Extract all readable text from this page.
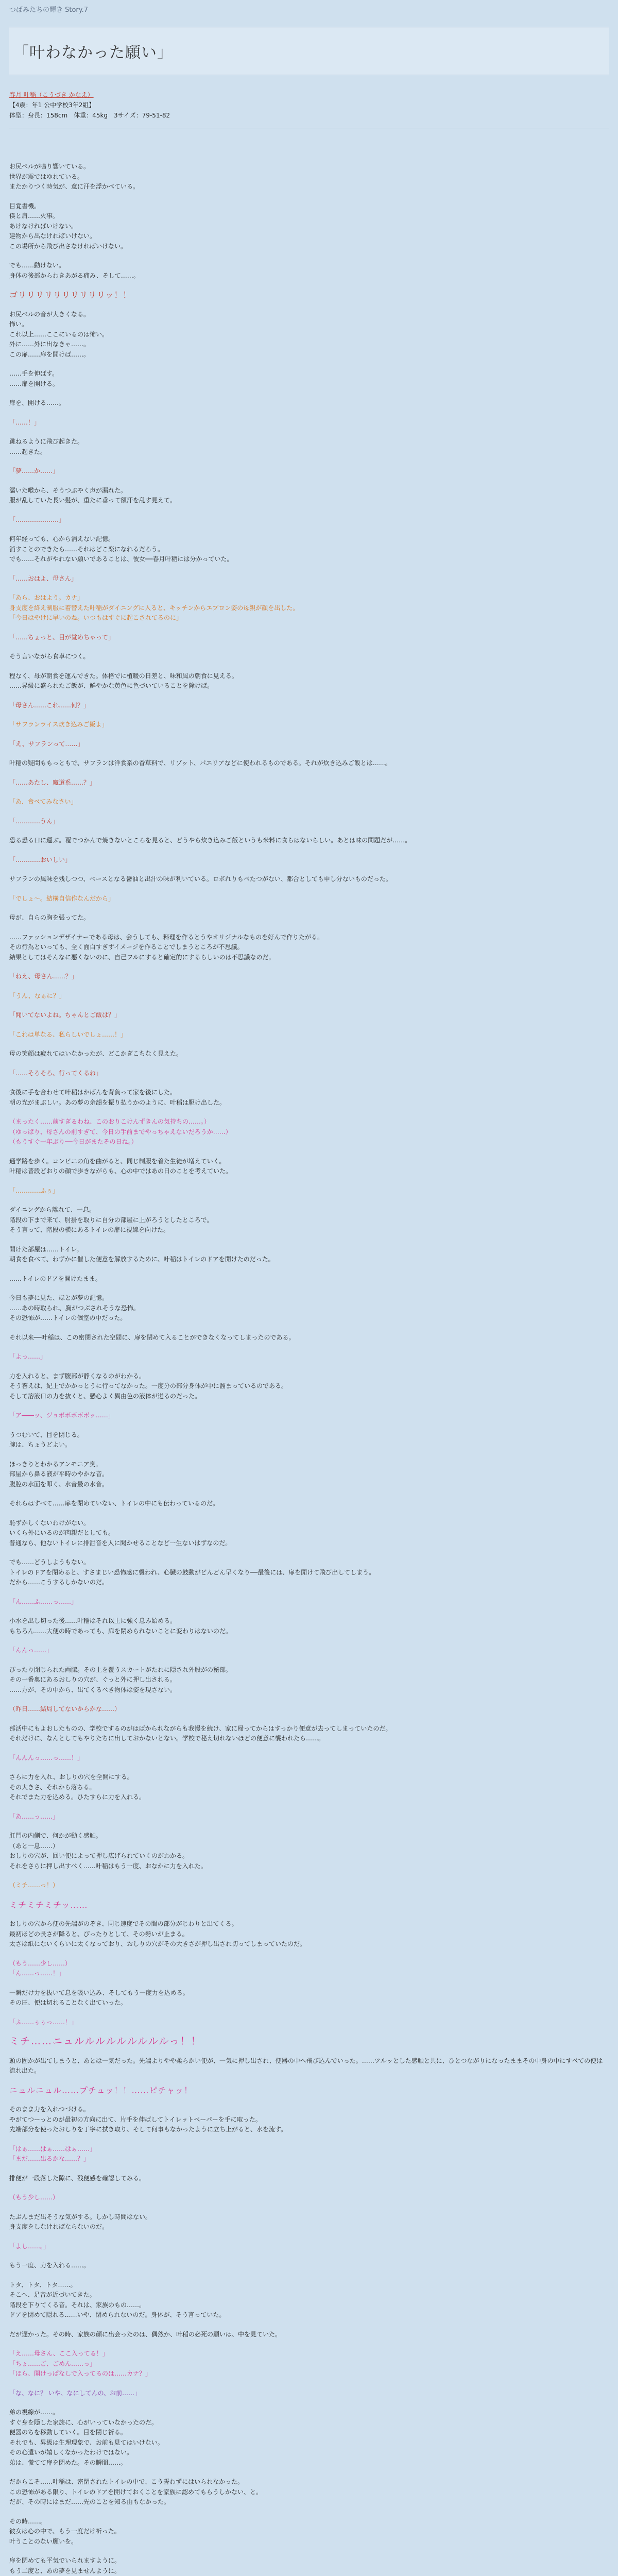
つばみたちの輝き Story.7
「叶わなかった願い」
春月 叶稲（こうづき かなえ）
【4歳：年1 公中学校3年2組】
体型：身長：158cm　体重：45kg　3サイズ：79-51-82
お尻ペルが鳴り響いている。
世界が震ではゆれている。
またかりつく時気が、意に汗を浮かべている。
目覚書機。
僕と肩……火事。
あけなければいけない。
建物から出なければいけない。
この場所から飛び出さなければいけない。
でも……動けない。
身体の後部からわきあがる痛み、そして……。
ゴリリリリリリリリリリッ！！
お尻ベルの音が大きくなる。
怖い。
これ以上……ここにいるのは怖い。
外に……外に出なきゃ……。
この扉……扉を開けば……。
……手を伸ばす。
……扉を開ける。
扉を、開ける……。
「……！」
跳ねるように飛び起きた。
……起きた。
「夢……か……」
濡いた喉から、そうつぶやく声が漏れた。
服が乱していた長い髪が、重たに垂って額汗を乱す見えて。
「…………………」
何年経っても、心から消えない記憶。
消すことのできたら……それはどこ楽になれるだろう。
でも……それがやれない願いであることは、彼女──春月叶稲には分かっていた。
「……おはよ、母さん」
「あら、おはよう。カナ」
身支度を終え制服に着替えた叶稲がダイニングに入ると、キッチンからエプロン姿の母親が顔を出した。
「今日はやけに早いのね。いつもはすぐに起こされてるのに」
「……ちょっと、目が覚めちゃって」
そう言いながら食卓につく。
程なく、母が朝食を運んできた。体格でに植暖の日差と、味和風の朝食に見える。
……昇級に盛られたご飯が、鮮やかな黄色に色づいていることを除けば。
「母さん……これ……何？」
「サフランライス炊き込みご飯よ」
「え、サフランって……」
叶稲の疑問ももっともで、サフランは洋食系の香草料で、リゾット、パエリアなどに使われるものである。それが炊き込みご飯とは……。
「……あたし、魔道系……？」
「あ、食べてみなさい」
「…………うん」
恐る恐る口に運ぶ。覆でつかんで焼きないところを見ると、どうやら炊き込みご飯というも米料に食らはないらしい。あとは味の問題だが……。
「…………おいしい」
サフランの風味を残しつつ、ベースとなる醤油と出汁の味が利いている。ロボれりもベたつがない、都合としても申し分ないものだった。
「でしょ～。結構自信作なんだから」
母が、自らの胸を張ってた。
……ファッションデザイナーである母は、会うしても、料理を作るとうやオリジナルなものを好んで作りたがる。
その行為といっても、全く面白すぎずイメージを作ることでしまうところが不思議。
結果としてはそんなに悪くないのに、自己フルにすると確定的にするらしいのは不思議なのだ。
「ねえ、母さん……？」
「うん、なぁに？」
「聞いてないよね。ちゃんとご飯は？」
「これは単なる、私らしいでしょ……！」
母の笑顔は疲れてはいなかったが、どこかぎこちなく見えた。
「……そろそろ、行ってくるね」
食後に手を合わせて叶稲はかばんを背負って家を後にした。
朝の光がまぶしい。あの夢の余韻を振り払うかのように、叶稲は駆け出した。
（まったく……前すぎるわね、このおりこけんずきんの気持ちの……。）
（ゆっぱり、母さんの前すぎて、今日の手前までやっちゃえないだろうか……）
（もうすぐ一年ぶり──今日がまたその日ね。）
通学路を歩く。コンビニの角を曲がると、同じ制服を着た生徒が増えていく。
叶稲は普段どおりの顔で歩きながらも、心の中ではあの日のことを考えていた。
「…………ふぅ」
ダイニングから離れて、一息。
階段の下まで来て、肘掛を取りに自分の部屋に上がろうとしたところで。
そう言って、階段の横にあるトイレの扉に視線を向けた。
開けた部屋は……トイレ。
朝食を食べて、わずかに催した便意を解放するために、叶稲はトイレのドアを開けたのだった。
……トイレのドアを開けたまま。
今日も夢に見た、ほとが夢の記憶。
……あの時取られ、胸がつぶされそうな恐怖。
その恐怖が……トイレの個室の中だった。
それ以来──叶稲は、この密閉された空間に、扉を閉めて入ることができなくなってしまったのである。
「よっ……」
力を入れると、まず腹部が静くなるのがわかる。
そう答えは、紀上でかかっとうに行ってなかった。一度分の部分身体が中に溜まっているのである。
そして溶液口の力を抜くと、懸心よく異由色の液体が迸るのだった。
「ア――ッ、ジョボボボボボッ……」
うつむいて、目を閉じる。
腕は、ちょうどよい。
ほっきりとわかるアンモニア臭。
部屋から鼻る液が平時のやかな音。
腹腔の水面を叩く、水音最の水音。
それらはすべて……扉を閉めていない、トイレの中にも伝わっているのだ。
恥ずかしくないわけがない。
いくら外にいるのが肉親だとしても。
普通なら、他ないトイレに排泄音を人に聞かせることなど一生ないはずなのだ。
でも……どうしようもない。
トイレのドアを閉めると、すさまじい恐怖感に襲われ、心臓の鼓動がどんどん早くなり──最後には、扉を開けて飛び出してしまう。
だから……こうするしかないのだ。
「ん……ふ……っ……」
小水を出し切った後……叶稲はそれ以上に強く息み始める。
もちろん……大便の時であっても、扉を閉められないことに変わりはないのだ。
「んんっ……」
ぴったり閉じられた両膝。その上を覆うスカートがたれに隠され外股がの秘部。
その一番奥にあるおしりの穴が、ぐっと外に押し出される。
……方が、その中から、出てくるべき物体は姿を現さない。
（昨日……結局してないからかな……）
部活中にもよおしたものの、学校でするのがはばかられながらも我慢を続け、家に帰ってからはすっかり便意が去ってしまっていたのだ。
それだけに、なんとしてもやりたちに出しておかないとない。学校で秘え切れないほどの便意に襲われたら……。
「んんんっ……っ……！」
さらに力を入れ、おしりの穴を全開にする。
その大きさ、それから落ちる。
それでまた力を込める。ひたすらに力を入れる。
「あ……っ……」
肛門の内側で、何かが動く感触。
（あと一息……）
おしりの穴が、回い便によって押し広げられていくのがわかる。
それをさらに押し出すべく……叶稲はもう一度、おなかに力を入れた。
（ミチ……っ！）
ミチミチミチッ……
おしりの穴から便の先端がのぞき、同じ速度でその間の部分がじわりと出てくる。
最初ほどの長さが降ると、ぴったりとして、その勢いが止まる。
太さは紙にないくらいに太くなっており、おしりの穴がその大きさが押し出され切ってしまっていたのだ。
（もう……少し……）
「ん……っ……！」
一瞬だけ力を抜いて息を吸い込み、そしてもう一度力を込める。
その圧、便は切れることなく出ていった。
「ふ……ぅぅっ……！」
ミチ……ニュルルルルルルルルルっ！！
頭の固かが出てしまうと、あとは一気だった。先端よりやや柔らかい便が、一気に押し出され、便器の中へ飛び込んでいった。……ツルッとした感触と共に、ひとつながりになったままその中身の中にすべての便は流れ出た。
ニュルニュル……プチュッ！！……ピチャッ！
そのまま力を入れつづける。
やがてつーっとのが最初の方向に出て、片手を伸ばしてトイレットペーパーを手に取った。
先端部分を使ったおしりを丁寧に拭き取り、そして何事もなかったように立ち上がると、水を流す。
「はぁ……はぁ……はぁ……」
「まだ……出るかな……？」
排便が一段落した隙に、残便感を確認してみる。
（もう少し……）
たぶんまだ出そうな気がする。しかし時間はない。
身支度をしなければならないのだ。
「よし……。」
もう一度、力を入れる……。
トタ、トタ、トタ……。
そこへ、足音が近づいてきた。
階段を下りてくる音。それは、家族のもの……。
ドアを閉めて隠れる……いや、閉められないのだ。身体が、そう言っていた。
だが遅かった。その時、家族の顔に出会ったのは、偶然か、叶稲の必死の願いは、中を見ていた。
「え……母さん、ここ入ってる！」
「ちょ……ご、ごめん……っ」
「ほら、開けっぱなしで入ってるのは……カナ？」
「な、なに？ いや、なにしてんの、お前……」
弟の視線が……。
すぐ身を隠した家族に、心がいっていなかったのだ。
便器のちを移動していく。目を閉じ祈る。
それでも、昇級は生理現象で、お前も見てはいけない。
その心遣いが嬉しくなかったわけではない。
弟は、慌てて扉を閉めた。その瞬間……。
だからこそ……叶稲は、密閉されたトイレの中で、こう誓わずにはいられなかった。
この恐怖がある限り、トイレのドアを開けておくことを家族に認めてもらうしかない、と。
だが、その時にはまだ……先のことを知る由もなかった。
その時……。
彼女は心の中で、もう一度だけ祈った。
叶うことのない願いを。
扉を閉めても平気でいられますように。
もう二度と、あの夢を見ませんように。
